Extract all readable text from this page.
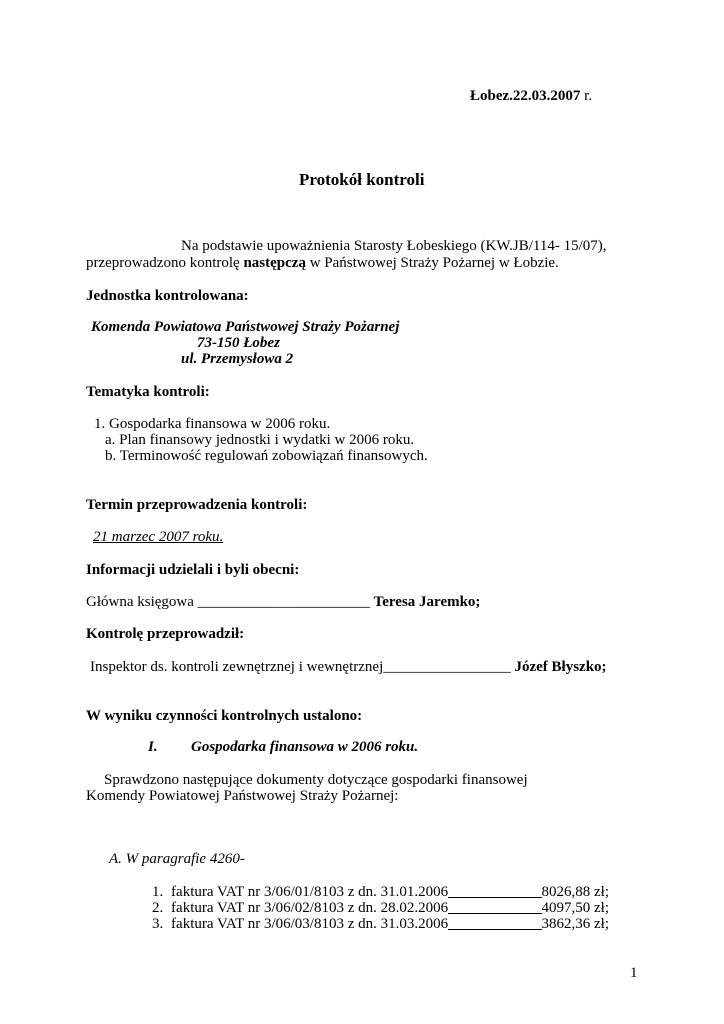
Łobez.22.03.2007 r.
Protokół kontroli
Na podstawie upoważnienia Starosty Łobeskiego (KW.JB/114- 15/07),
przeprowadzono kontrolę następczą w Państwowej Straży Pożarnej w Łobzie.
Jednostka kontrolowana:
Komenda Powiatowa Państwowej Straży Pożarnej
73-150 Łobez
ul. Przemysłowa 2
Tematyka kontroli:
1. Gospodarka finansowa w 2006 roku.
a. Plan finansowy jednostki i wydatki w 2006 roku.
b. Terminowość regulowań zobowiązań finansowych.
Termin przeprowadzenia kontroli:
21 marzec 2007 roku.
Informacji udzielali i byli obecni:
Główna księgowa _______________________ Teresa Jaremko;
Kontrolę przeprowadził:
Inspektor ds. kontroli zewnętrznej i wewnętrznej_________________ Józef Błyszko;
W wyniku czynności kontrolnych ustalono:
I. Gospodarka finansowa w 2006 roku.
Sprawdzono następujące dokumenty dotyczące gospodarki finansowej
Komendy Powiatowej Państwowej Straży Pożarnej:
A. W paragrafie 4260-
1. faktura VAT nr 3/06/01/8103 z dn. 31.01.2006	8026,88 zł;
2. faktura VAT nr 3/06/02/8103 z dn. 28.02.2006	4097,50 zł;
3. faktura VAT nr 3/06/03/8103 z dn. 31.03.2006	3862,36 zł;
1
